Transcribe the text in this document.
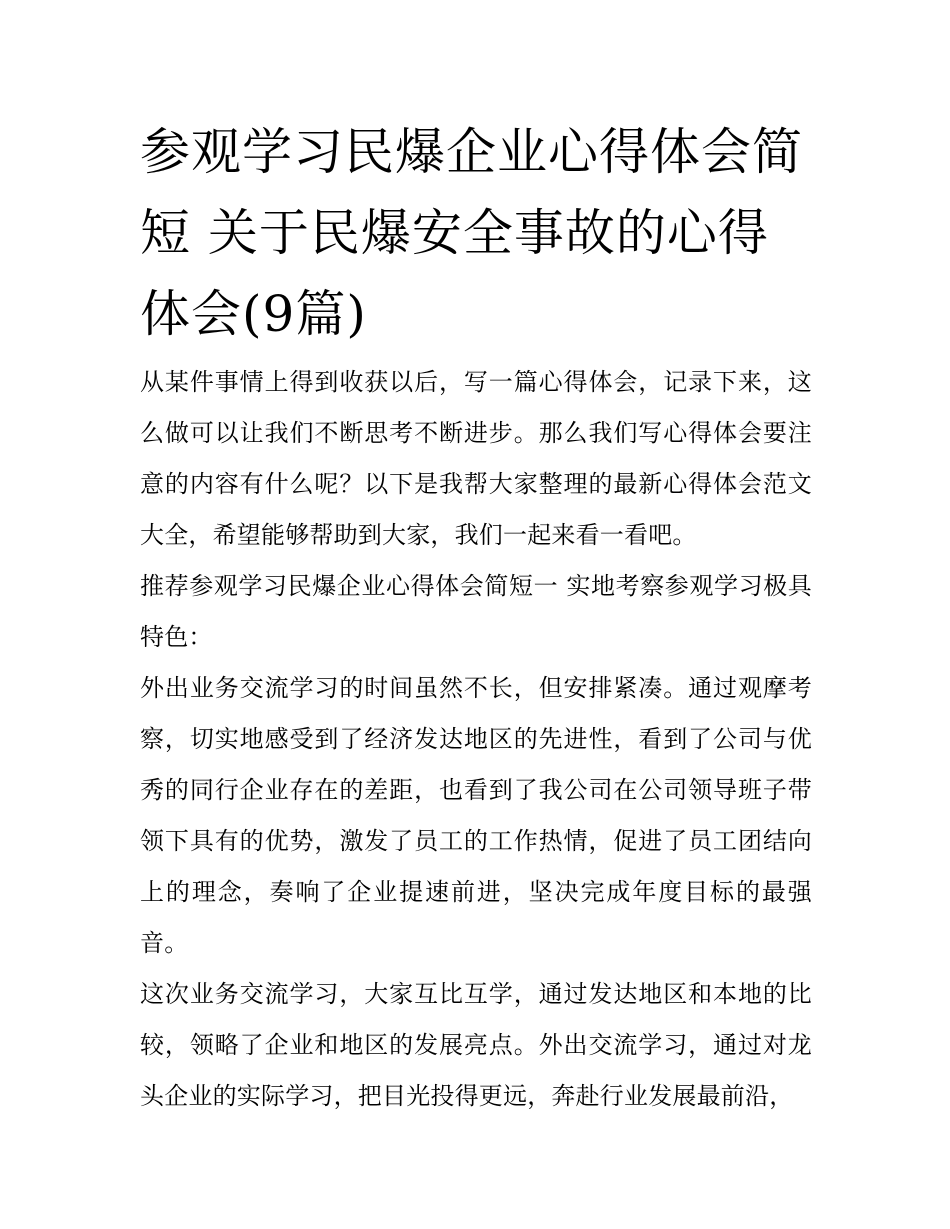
参观学习民爆企业心得体会简短 关于民爆安全事故的心得体会(9篇)

从某件事情上得到收获以后，写一篇心得体会，记录下来，这么做可以让我们不断思考不断进步。那么我们写心得体会要注意的内容有什么呢？以下是我帮大家整理的最新心得体会范文大全，希望能够帮助到大家，我们一起来看一看吧。

推荐参观学习民爆企业心得体会简短一 实地考察参观学习极具特色：

外出业务交流学习的时间虽然不长，但安排紧凑。通过观摩考察，切实地感受到了经济发达地区的先进性，看到了公司与优秀的同行企业存在的差距，也看到了我公司在公司领导班子带领下具有的优势，激发了员工的工作热情，促进了员工团结向上的理念，奏响了企业提速前进，坚决完成年度目标的最强音。

这次业务交流学习，大家互比互学，通过发达地区和本地的比较，领略了企业和地区的发展亮点。外出交流学习，通过对龙头企业的实际学习，把目光投得更远，奔赴行业发展最前沿，
